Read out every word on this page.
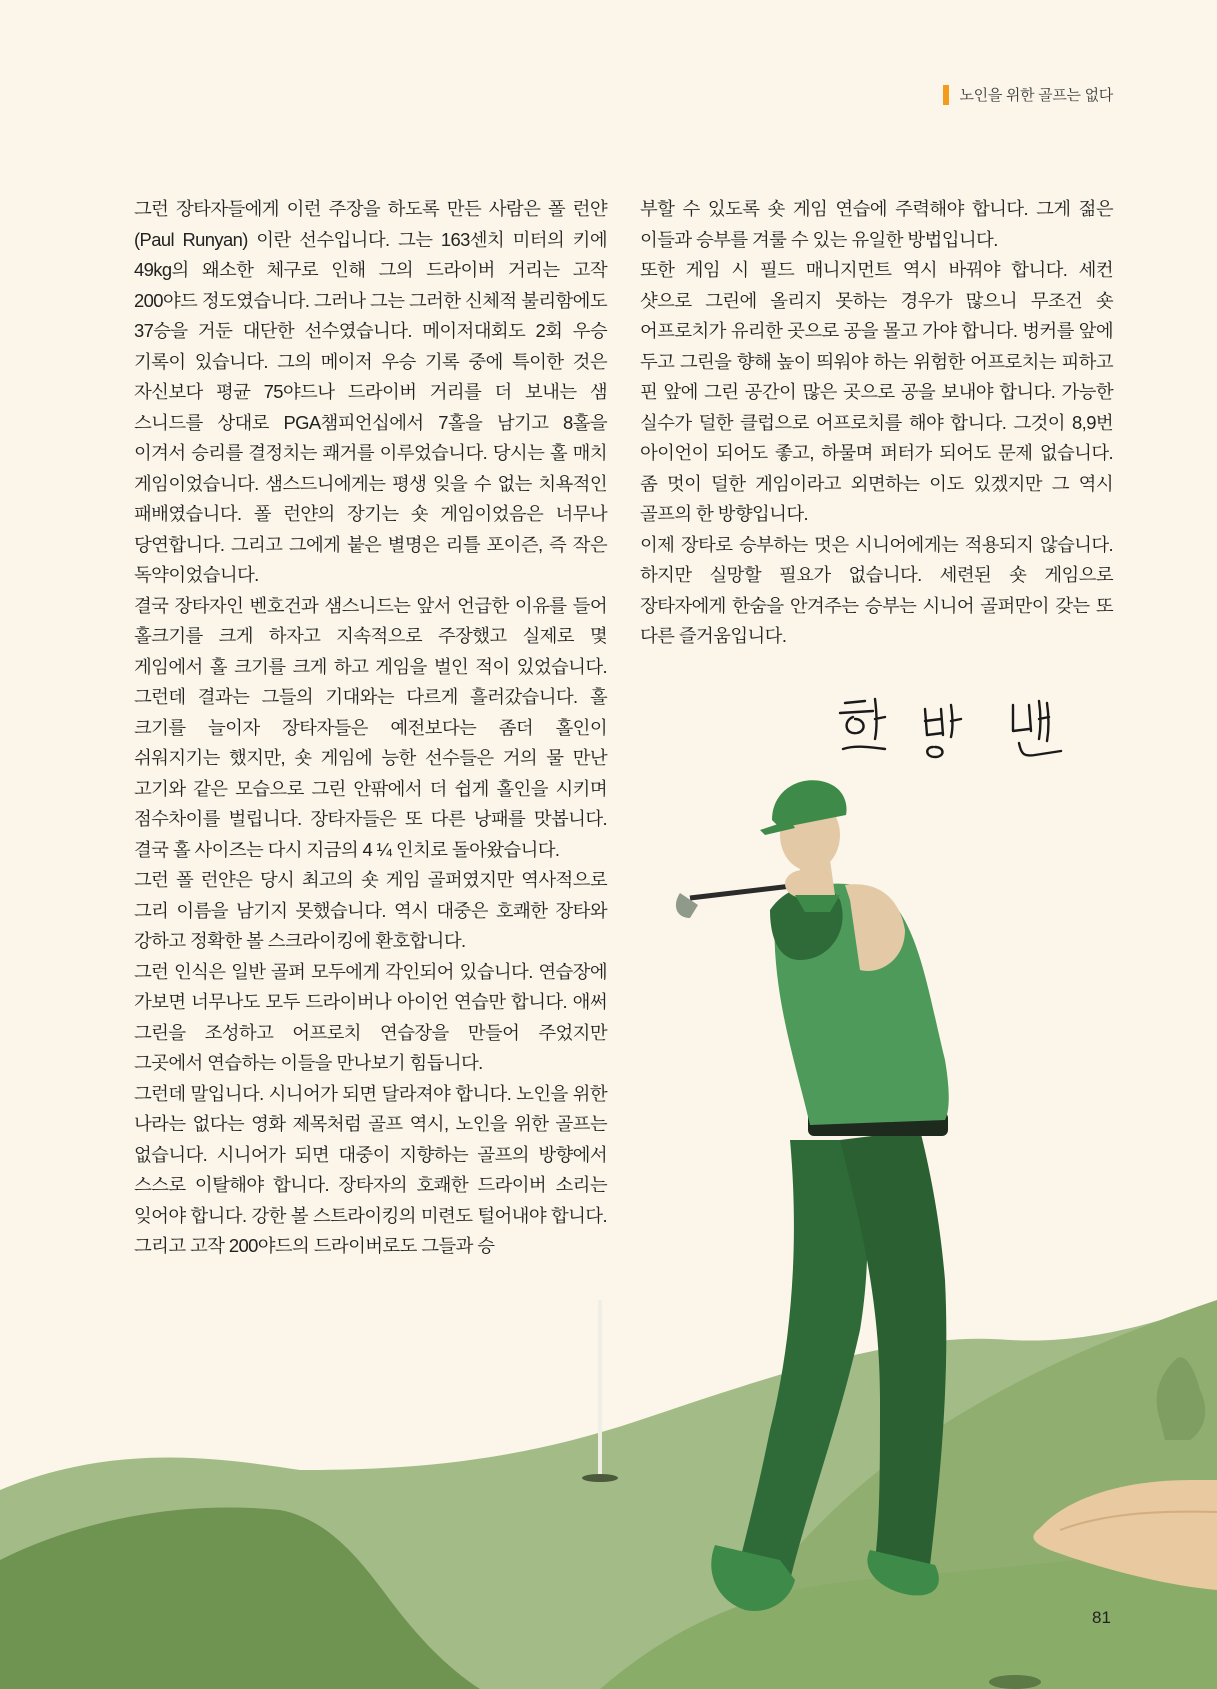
노인을 위한 골프는 없다

그런 장타자들에게 이런 주장을 하도록 만든 사람은 폴 런얀(Paul Runyan) 이란 선수입니다. 그는 163센치 미터의 키에 49kg의 왜소한 체구로 인해 그의 드라이버 거리는 고작 200야드 정도였습니다. 그러나 그는 그러한 신체적 불리함에도 37승을 거둔 대단한 선수였습니다. 메이저대회도 2회 우승 기록이 있습니다. 그의 메이저 우승 기록 중에 특이한 것은 자신보다 평균 75야드나 드라이버 거리를 더 보내는 샘 스니드를 상대로 PGA챔피언십에서 7홀을 남기고 8홀을 이겨서 승리를 결정치는 쾌거를 이루었습니다. 당시는 홀 매치 게임이었습니다. 샘스드니에게는 평생 잊을 수 없는 치욕적인 패배였습니다. 폴 런얀의 장기는 숏 게임이었음은 너무나 당연합니다. 그리고 그에게 붙은 별명은 리틀 포이즌, 즉 작은 독약이었습니다.

결국 장타자인 벤호건과 샘스니드는 앞서 언급한 이유를 들어 홀크기를 크게 하자고 지속적으로 주장했고 실제로 몇 게임에서 홀 크기를 크게 하고 게임을 벌인 적이 있었습니다. 그런데 결과는 그들의 기대와는 다르게 흘러갔습니다. 홀 크기를 늘이자 장타자들은 예전보다는 좀더 홀인이 쉬워지기는 했지만, 숏 게임에 능한 선수들은 거의 물 만난 고기와 같은 모습으로 그린 안팎에서 더 쉽게 홀인을 시키며 점수차이를 벌립니다. 장타자들은 또 다른 낭패를 맛봅니다. 결국 홀 사이즈는 다시 지금의 4 ¼ 인치로 돌아왔습니다.

그런 폴 런얀은 당시 최고의 숏 게임 골퍼였지만 역사적으로 그리 이름을 남기지 못했습니다. 역시 대중은 호쾌한 장타와 강하고 정확한 볼 스크라이킹에 환호합니다.

그런 인식은 일반 골퍼 모두에게 각인되어 있습니다. 연습장에 가보면 너무나도 모두 드라이버나 아이언 연습만 합니다. 애써 그린을 조성하고 어프로치 연습장을 만들어 주었지만 그곳에서 연습하는 이들을 만나보기 힘듭니다.

그런데 말입니다. 시니어가 되면 달라져야 합니다. 노인을 위한 나라는 없다는 영화 제목처럼 골프 역시, 노인을 위한 골프는 없습니다. 시니어가 되면 대중이 지향하는 골프의 방향에서 스스로 이탈해야 합니다. 장타자의 호쾌한 드라이버 소리는 잊어야 합니다. 강한 볼 스트라이킹의 미련도 털어내야 합니다. 그리고 고작 200야드의 드라이버로도 그들과 승

부할 수 있도록 숏 게임 연습에 주력해야 합니다. 그게 젊은 이들과 승부를 겨룰 수 있는 유일한 방법입니다.

또한 게임 시 필드 매니지먼트 역시 바꿔야 합니다. 세컨 샷으로 그린에 올리지 못하는 경우가 많으니 무조건 숏 어프로치가 유리한 곳으로 공을 몰고 가야 합니다. 벙커를 앞에 두고 그린을 향해 높이 띄워야 하는 위험한 어프로치는 피하고 핀 앞에 그린 공간이 많은 곳으로 공을 보내야 합니다. 가능한 실수가 덜한 클럽으로 어프로치를 해야 합니다. 그것이 8,9번 아이언이 되어도 좋고, 하물며 퍼터가 되어도 문제 없습니다. 좀 멋이 덜한 게임이라고 외면하는 이도 있겠지만 그 역시 골프의 한 방향입니다.

이제 장타로 승부하는 멋은 시니어에게는 적용되지 않습니다. 하지만 실망할 필요가 없습니다. 세련된 숏 게임으로 장타자에게 한숨을 안겨주는 승부는 시니어 골퍼만이 갖는 또 다른 즐거움입니다.

81
